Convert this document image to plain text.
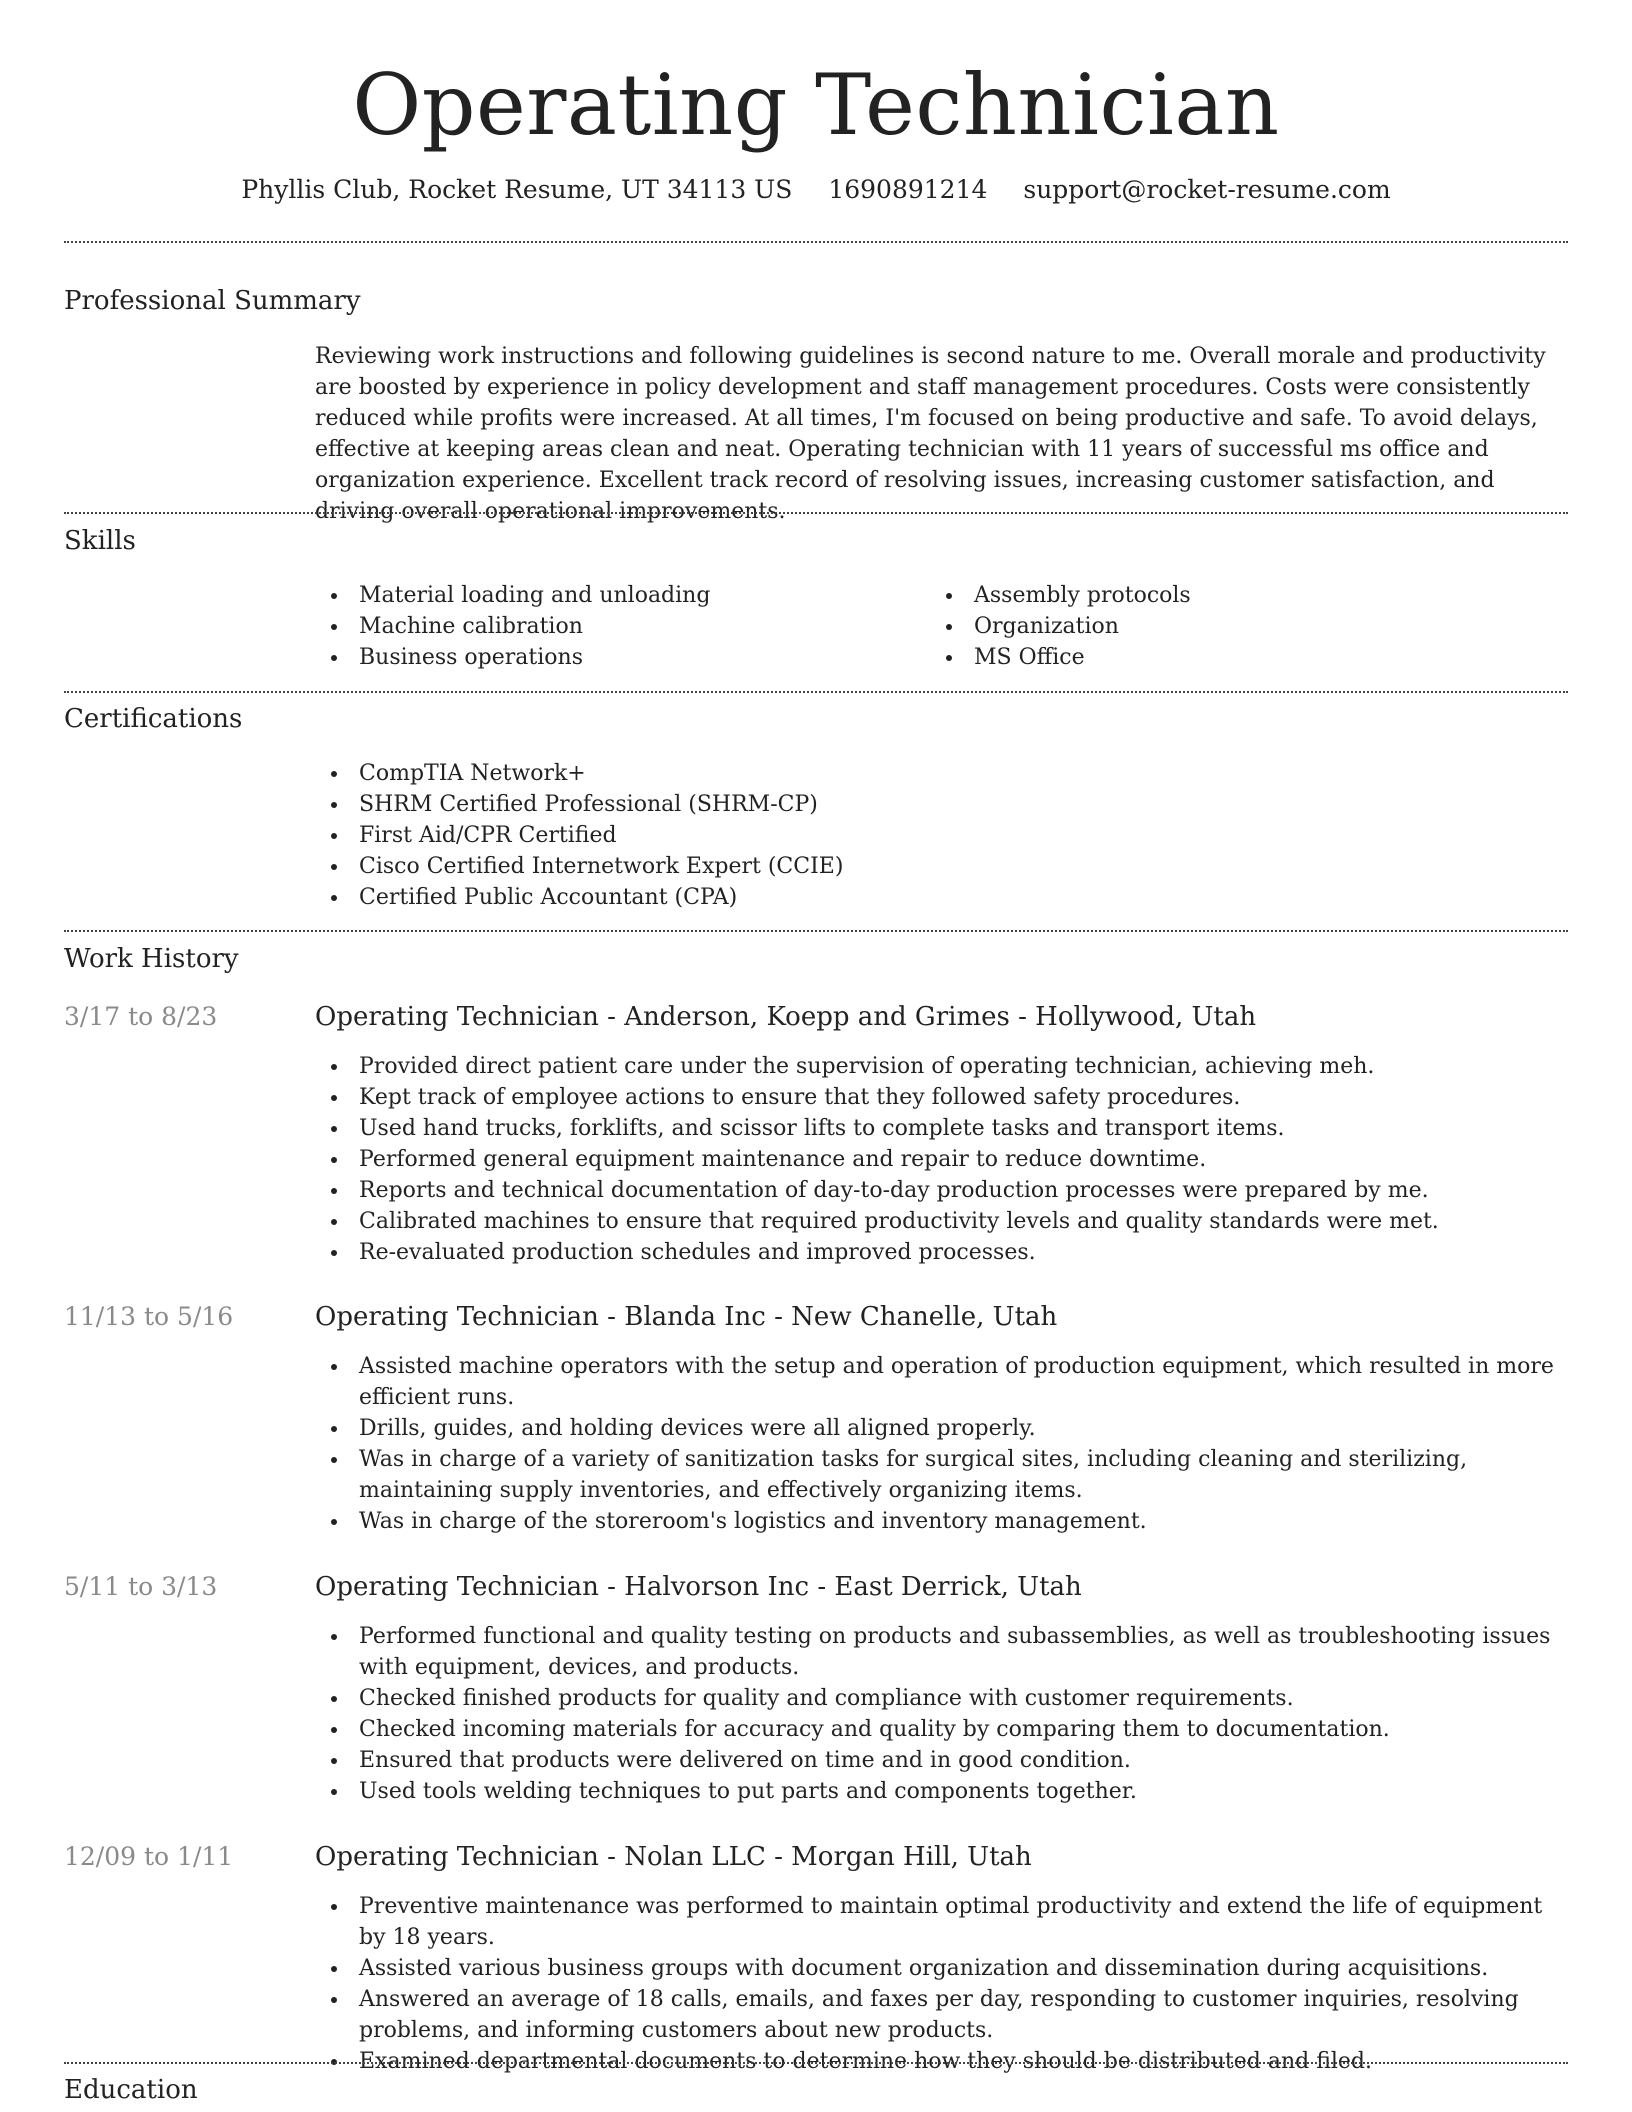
Operating Technician
Phyllis Club, Rocket Resume, UT 34113 US 1690891214 support@rocket-resume.com
Professional Summary

Reviewing work instructions and following guidelines is second nature to me. Overall morale and productivity are boosted by experience in policy development and staff management procedures. Costs were consistently reduced while profits were increased. At all times, I'm focused on being productive and safe. To avoid delays, effective at keeping areas clean and neat. Operating technician with 11 years of successful ms office and organization experience. Excellent track record of resolving issues, increasing customer satisfaction, and driving overall operational improvements.

Skills
Material loading and unloading
Machine calibration
Business operations
Assembly protocols
Organization
MS Office
Certifications
CompTIA Network+
SHRM Certified Professional (SHRM-CP)
First Aid/CPR Certified
Cisco Certified Internetwork Expert (CCIE)
Certified Public Accountant (CPA)
Work History
3/17 to 8/23	Operating Technician - Anderson, Koepp and Grimes - Hollywood, Utah
Provided direct patient care under the supervision of operating technician, achieving meh.
Kept track of employee actions to ensure that they followed safety procedures.
Used hand trucks, forklifts, and scissor lifts to complete tasks and transport items.
Performed general equipment maintenance and repair to reduce downtime.
Reports and technical documentation of day-to-day production processes were prepared by me.
Calibrated machines to ensure that required productivity levels and quality standards were met.
Re-evaluated production schedules and improved processes.
11/13 to 5/16	Operating Technician - Blanda Inc - New Chanelle, Utah
Assisted machine operators with the setup and operation of production equipment, which resulted in more efficient runs.
Drills, guides, and holding devices were all aligned properly.
Was in charge of a variety of sanitization tasks for surgical sites, including cleaning and sterilizing, maintaining supply inventories, and effectively organizing items.
Was in charge of the storeroom's logistics and inventory management.
5/11 to 3/13	Operating Technician - Halvorson Inc - East Derrick, Utah
Performed functional and quality testing on products and subassemblies, as well as troubleshooting issues with equipment, devices, and products.
Checked finished products for quality and compliance with customer requirements.
Checked incoming materials for accuracy and quality by comparing them to documentation.
Ensured that products were delivered on time and in good condition.
Used tools welding techniques to put parts and components together.
12/09 to 1/11	Operating Technician - Nolan LLC - Morgan Hill, Utah
Preventive maintenance was performed to maintain optimal productivity and extend the life of equipment by 18 years.
Assisted various business groups with document organization and dissemination during acquisitions.
Answered an average of 18 calls, emails, and faxes per day, responding to customer inquiries, resolving problems, and informing customers about new products.
Examined departmental documents to determine how they should be distributed and filed.
Education
